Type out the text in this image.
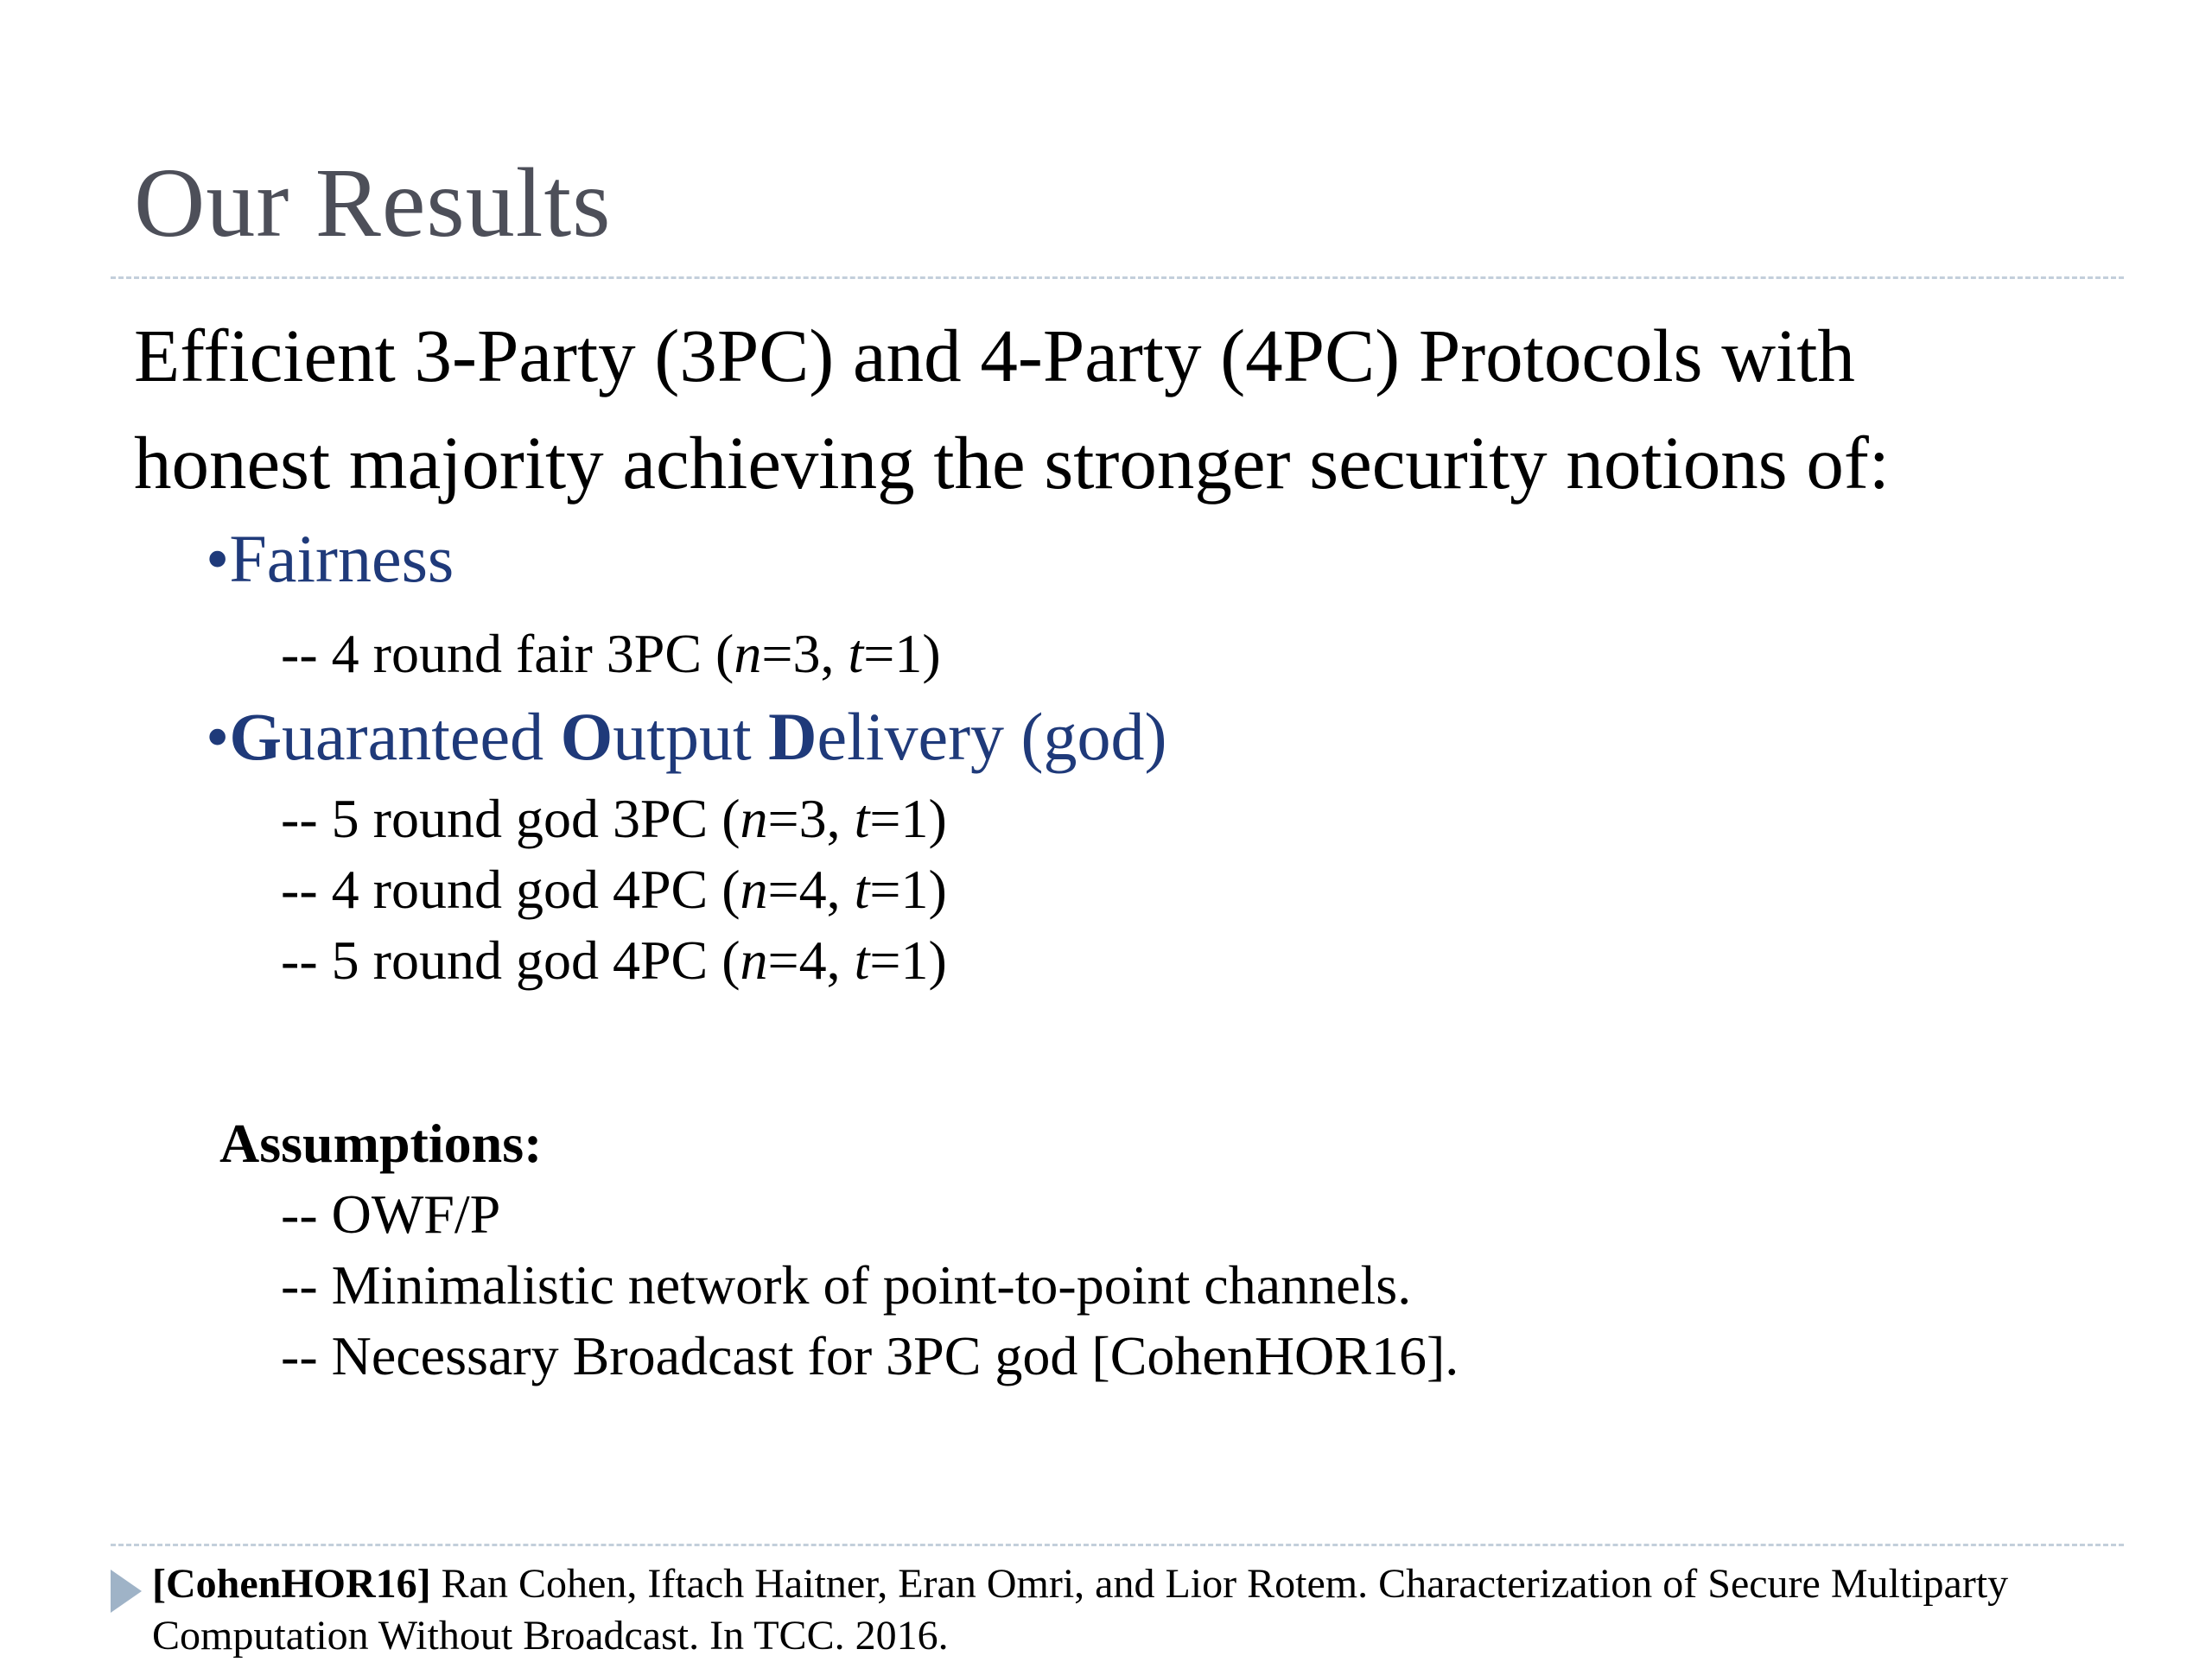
Our Results
Efficient 3-Party (3PC) and 4-Party (4PC) Protocols with
honest majority achieving the stronger security notions of:
•Fairness
-- 4 round fair 3PC (n=3, t=1)
•Guaranteed Output Delivery (god)
-- 5 round god 3PC (n=3, t=1)
-- 4 round god 4PC (n=4, t=1)
-- 5 round god 4PC (n=4, t=1)
Assumptions:
-- OWF/P
-- Minimalistic network of point-to-point channels.
-- Necessary Broadcast for 3PC god [CohenHOR16].
[CohenHOR16] Ran Cohen, Iftach Haitner, Eran Omri, and Lior Rotem. Characterization of Secure Multiparty Computation Without Broadcast. In TCC. 2016.
